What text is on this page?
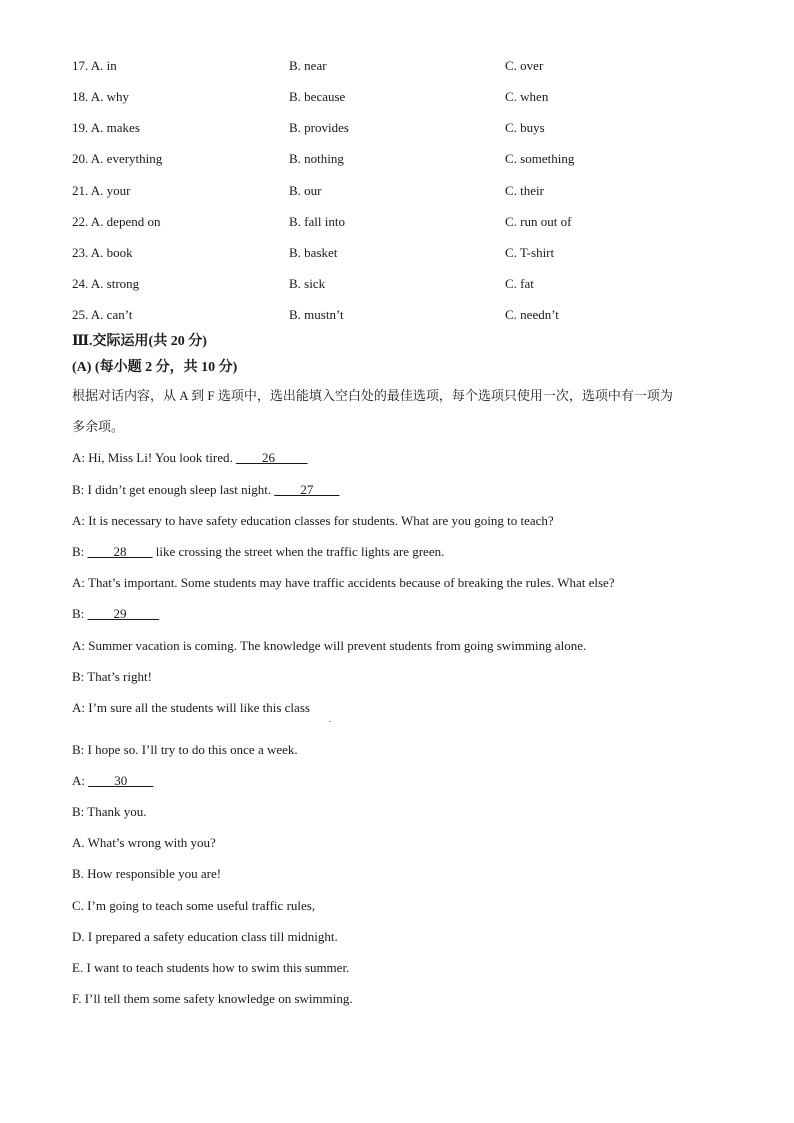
17. A. in	B. near	C. over
18. A. why	B. because	C. when
19. A. makes	B. provides	C. buys
20. A. everything	B. nothing	C. something
21. A. your	B. our	C. their
22. A. depend on	B. fall into	C. run out of
23. A. book	B. basket	C. T-shirt
24. A. strong	B. sick	C. fat
25. A. can’t	B. mustn’t	C. needn’t
Ⅲ.交际运用(共 20 分)
(A) (每小题 2 分，共 10 分)
根据对话内容，从 A 到 F 选项中，选出能填入空白处的最佳选项，每个选项只使用一次，选项中有一项为
多余项。
A: Hi, Miss Li! You look tired. ____26_____
B: I didn’t get enough sleep last night. ____27____
A: It is necessary to have safety education classes for students. What are you going to teach?
B: ____28____ like crossing the street when the traffic lights are green.
A: That’s important. Some students may have traffic accidents because of breaking the rules. What else?
B: ____29_____
A: Summer vacation is coming. The knowledge will prevent students from going swimming alone.
B: That’s right!
A: I’m sure all the students will like this class
.
B: I hope so. I’ll try to do this once a week.
A: ____30____
B: Thank you.
A. What’s wrong with you?
B. How responsible you are!
C. I’m going to teach some useful traffic rules,
D. I prepared a safety education class till midnight.
E. I want to teach students how to swim this summer.
F. I’ll tell them some safety knowledge on swimming.
